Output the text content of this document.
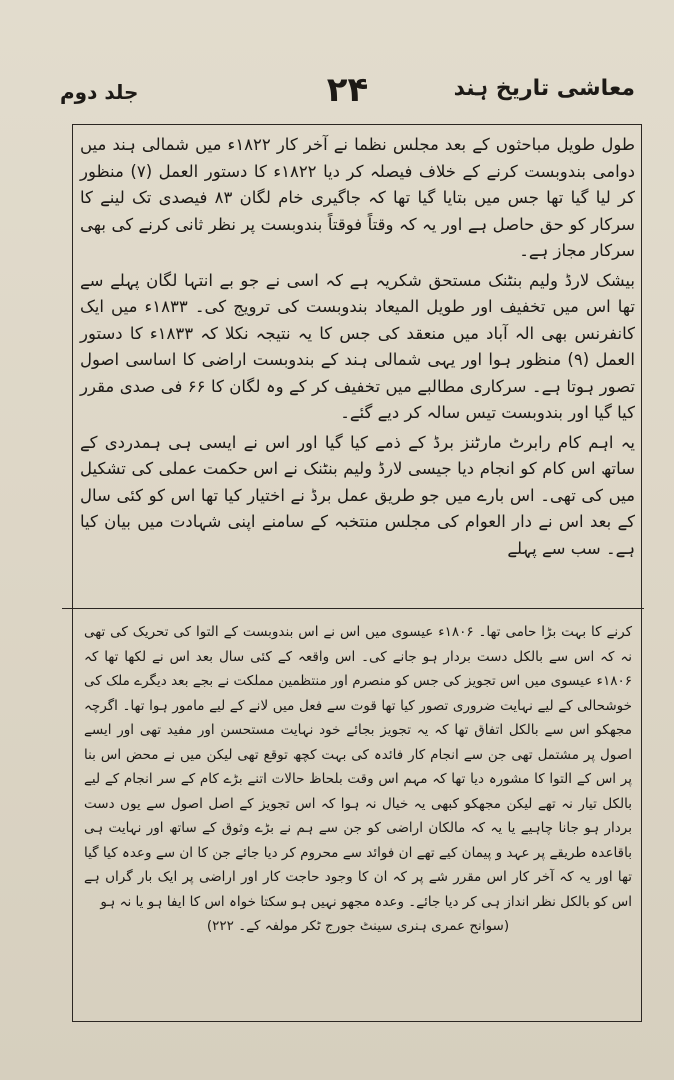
معاشی تاریخ ہند
۲۴
جلد دوم

طول طویل مباحثوں کے بعد مجلس نظما نے آخر کار ۱۸۲۲ء میں شمالی ہند میں دوامی بندوبست کرنے کے خلاف فیصلہ کر دیا ۱۸۲۲ء کا دستور العمل (۷) منظور کر لیا گیا تھا جس میں بتایا گیا تھا کہ جاگیری خام لگان ۸۳ فیصدی تک لینے کا سرکار کو حق حاصل ہے اور یہ کہ وقتاً فوقتاً بندوبست پر نظر ثانی کرنے کی بھی سرکار مجاز ہے۔

بیشک لارڈ ولیم بنٹنک مستحق شکریہ ہے کہ اسی نے جو بے انتہا لگان پہلے سے تھا اس میں تخفیف اور طویل المیعاد بندوبست کی ترویج کی۔ ۱۸۳۳ء میں ایک کانفرنس بھی الہ آباد میں منعقد کی جس کا یہ نتیجہ نکلا کہ ۱۸۳۳ء کا دستور العمل (۹) منظور ہوا اور یہی شمالی ہند کے بندوبست اراضی کا اساسی اصول تصور ہوتا ہے۔ سرکاری مطالبے میں تخفیف کر کے وہ لگان کا ۶۶ فی صدی مقرر کیا گیا اور بندوبست تیس سالہ کر دیے گئے۔

یہ اہم کام رابرٹ مارٹنز برڈ کے ذمے کیا گیا اور اس نے ایسی ہی ہمدردی کے ساتھ اس کام کو انجام دیا جیسی لارڈ ولیم بنٹنک نے اس حکمت عملی کی تشکیل میں کی تھی۔ اس بارے میں جو طریق عمل برڈ نے اختیار کیا تھا اس کو کئی سال کے بعد اس نے دار العوام کی مجلس منتخبہ کے سامنے اپنی شہادت میں بیان کیا ہے۔ سب سے پہلے

کرنے کا بہت بڑا حامی تھا۔ ۱۸۰۶ء عیسوی میں اس نے اس بندوبست کے التوا کی تحریک کی تھی نہ کہ اس سے بالکل دست بردار ہو جانے کی۔ اس واقعہ کے کئی سال بعد اس نے لکھا تھا کہ ۱۸۰۶ء عیسوی میں اس تجویز کی جس کو منصرم اور منتظمین مملکت نے بجے بعد دیگرے ملک کی خوشحالی کے لیے نہایت ضروری تصور کیا تھا قوت سے فعل میں لانے کے لیے مامور ہوا تھا۔ اگرچہ مجھکو اس سے بالکل اتفاق تھا کہ یہ تجویز بجائے خود نہایت مستحسن اور مفید تھی اور ایسے اصول پر مشتمل تھی جن سے انجام کار فائدہ کی بہت کچھ توقع تھی لیکن میں نے محض اس بنا پر اس کے التوا کا مشورہ دیا تھا کہ مہم اس وقت بلحاظ حالات اتنے بڑے کام کے سر انجام کے لیے بالکل تیار نہ تھے لیکن مجھکو کبھی یہ خیال نہ ہوا کہ اس تجویز کے اصل اصول سے یوں دست بردار ہو جانا چاہیے یا یہ کہ مالکان اراضی کو جن سے ہم نے بڑے وثوق کے ساتھ اور نہایت ہی باقاعدہ طریقے پر عہد و پیمان کیے تھے ان فوائد سے محروم کر دیا جائے جن کا ان سے وعدہ کیا گیا تھا اور یہ کہ آخر کار اس مقرر شے پر کہ ان کا وجود حاجت کار اور اراضی پر ایک بار گراں ہے اس کو بالکل نظر انداز ہی کر دیا جائے۔ وعدہ مجھو نہیں ہو سکتا خواہ اس کا ایفا ہو یا نہ ہو

(سوانح عمری ہنری سینٹ جورج ٹکر مولفہ کے۔ ۲۲۲)
